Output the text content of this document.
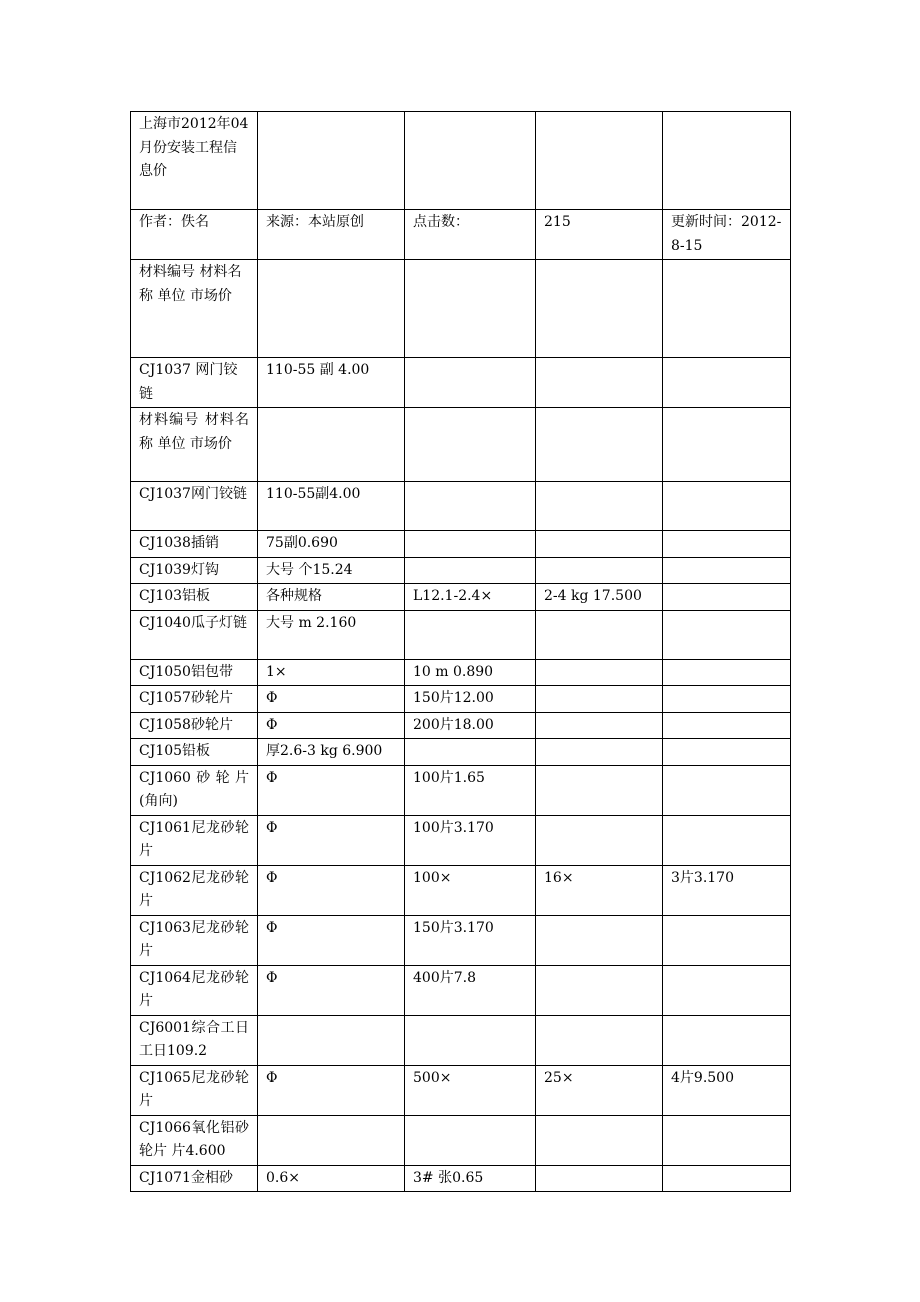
上海市2012年04月份安装工程信息价				
作者：佚名	来源：本站原创	点击数：	215	更新时间：2012-8-15
材料编号 材料名称 单位 市场价				
CJ1037 网门铰链	110-55 副 4.00			
材料编号 材料名称 单位 市场价				
CJ1037网门铰链	110-55副4.00			
CJ1038插销	75副0.690			
CJ1039灯钩	大号 个15.24			
CJ103铝板	各种规格	L12.1-2.4×	2-4 kg 17.500	
CJ1040瓜子灯链	大号 m 2.160			
CJ1050铝包带	1×	10 m 0.890		
CJ1057砂轮片	Φ	150片12.00		
CJ1058砂轮片	Φ	200片18.00		
CJ105铅板	厚2.6-3 kg 6.900			
CJ1060砂轮片(角向)	Φ	100片1.65		
CJ1061尼龙砂轮片	Φ	100片3.170		
CJ1062尼龙砂轮片	Φ	100×	16×	3片3.170
CJ1063尼龙砂轮片	Φ	150片3.170		
CJ1064尼龙砂轮片	Φ	400片7.8		
CJ6001综合工日 工日109.2				
CJ1065尼龙砂轮片	Φ	500×	25×	4片9.500
CJ1066氧化铝砂轮片 片4.600				
CJ1071金相砂	0.6×	3# 张0.65		
